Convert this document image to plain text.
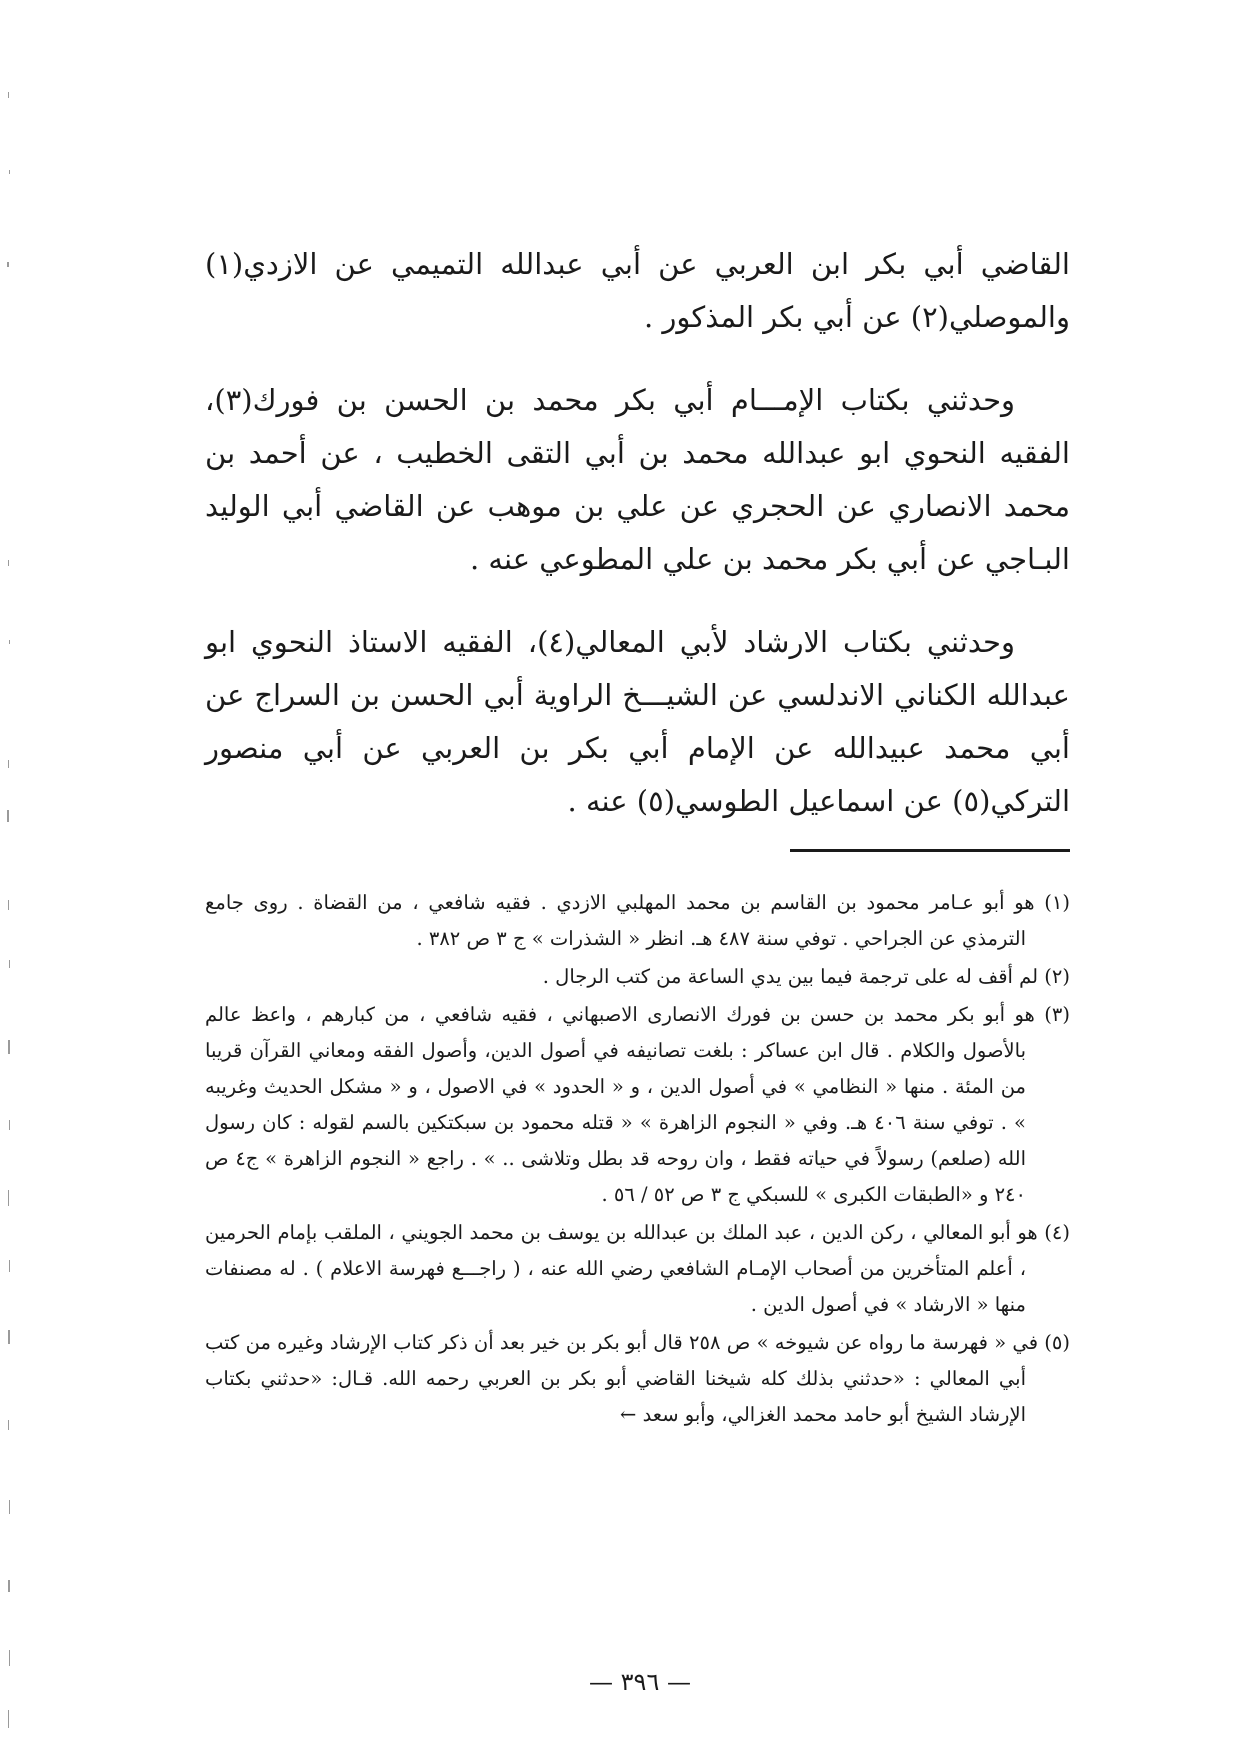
القاضي أبي بكر ابن العربي عن أبي عبدالله التميمي عن الازدي(١) والموصلي(٢) عن أبي بكر المذكور .

وحدثني بكتاب الإمـــام أبي بكر محمد بن الحسن بن فورك(٣)، الفقيه النحوي ابو عبدالله محمد بن أبي التقى الخطيب ، عن أحمد بن محمد الانصاري عن الحجري عن علي بن موهب عن القاضي أبي الوليد البـاجي عن أبي بكر محمد بن علي المطوعي عنه .

وحدثني بكتاب الارشاد لأبي المعالي(٤)، الفقيه الاستاذ النحوي ابو عبدالله الكناني الاندلسي عن الشيـــخ الراوية أبي الحسن بن السراج عن أبي محمد عبيدالله عن الإمام أبي بكر بن العربي عن أبي منصور التركي(٥) عن اسماعيل الطوسي(٥) عنه .

(١) هو أبو عـامر محمود بن القاسم بن محمد المهلبي الازدي . فقيه شافعي ، من القضاة . روى جامع الترمذي عن الجراحي . توفي سنة ٤٨٧ هـ. انظر « الشذرات » ج ٣ ص ٣٨٢ .

(٢) لم أقف له على ترجمة فيما بين يدي الساعة من كتب الرجال .

(٣) هو أبو بكر محمد بن حسن بن فورك الانصارى الاصبهاني ، فقيه شافعي ، من كبارهم ، واعظ عالم بالأصول والكلام . قال ابن عساكر : بلغت تصانيفه في أصول الدين، وأصول الفقه ومعاني القرآن قريبا من المئة . منها « النظامي » في أصول الدين ، و « الحدود » في الاصول ، و « مشكل الحديث وغريبه » . توفي سنة ٤٠٦ هـ. وفي « النجوم الزاهرة » « قتله محمود بن سبكتكين بالسم لقوله : كان رسول الله (صلعم) رسولاً في حياته فقط ، وان روحه قد بطل وتلاشى .. » . راجع « النجوم الزاهرة » ج٤ ص ٢٤٠ و «الطبقات الكبرى » للسبكي ج ٣ ص ٥٢ / ٥٦ .

(٤) هو أبو المعالي ، ركن الدين ، عبد الملك بن عبدالله بن يوسف بن محمد الجويني ، الملقب بإمام الحرمين ، أعلم المتأخرين من أصحاب الإمـام الشافعي رضي الله عنه ، ( راجـــع فهرسة الاعلام ) . له مصنفات منها « الارشاد » في أصول الدين .

(٥) في « فهرسة ما رواه عن شيوخه » ص ٢٥٨ قال أبو بكر بن خير بعد أن ذكر كتاب الإرشاد وغيره من كتب أبي المعالي : «حدثني بذلك كله شيخنا القاضي أبو بكر بن العربي رحمه الله. قـال: «حدثني بكتاب الإرشاد الشيخ أبو حامد محمد الغزالي، وأبو سعد ←

— ٣٩٦ —
